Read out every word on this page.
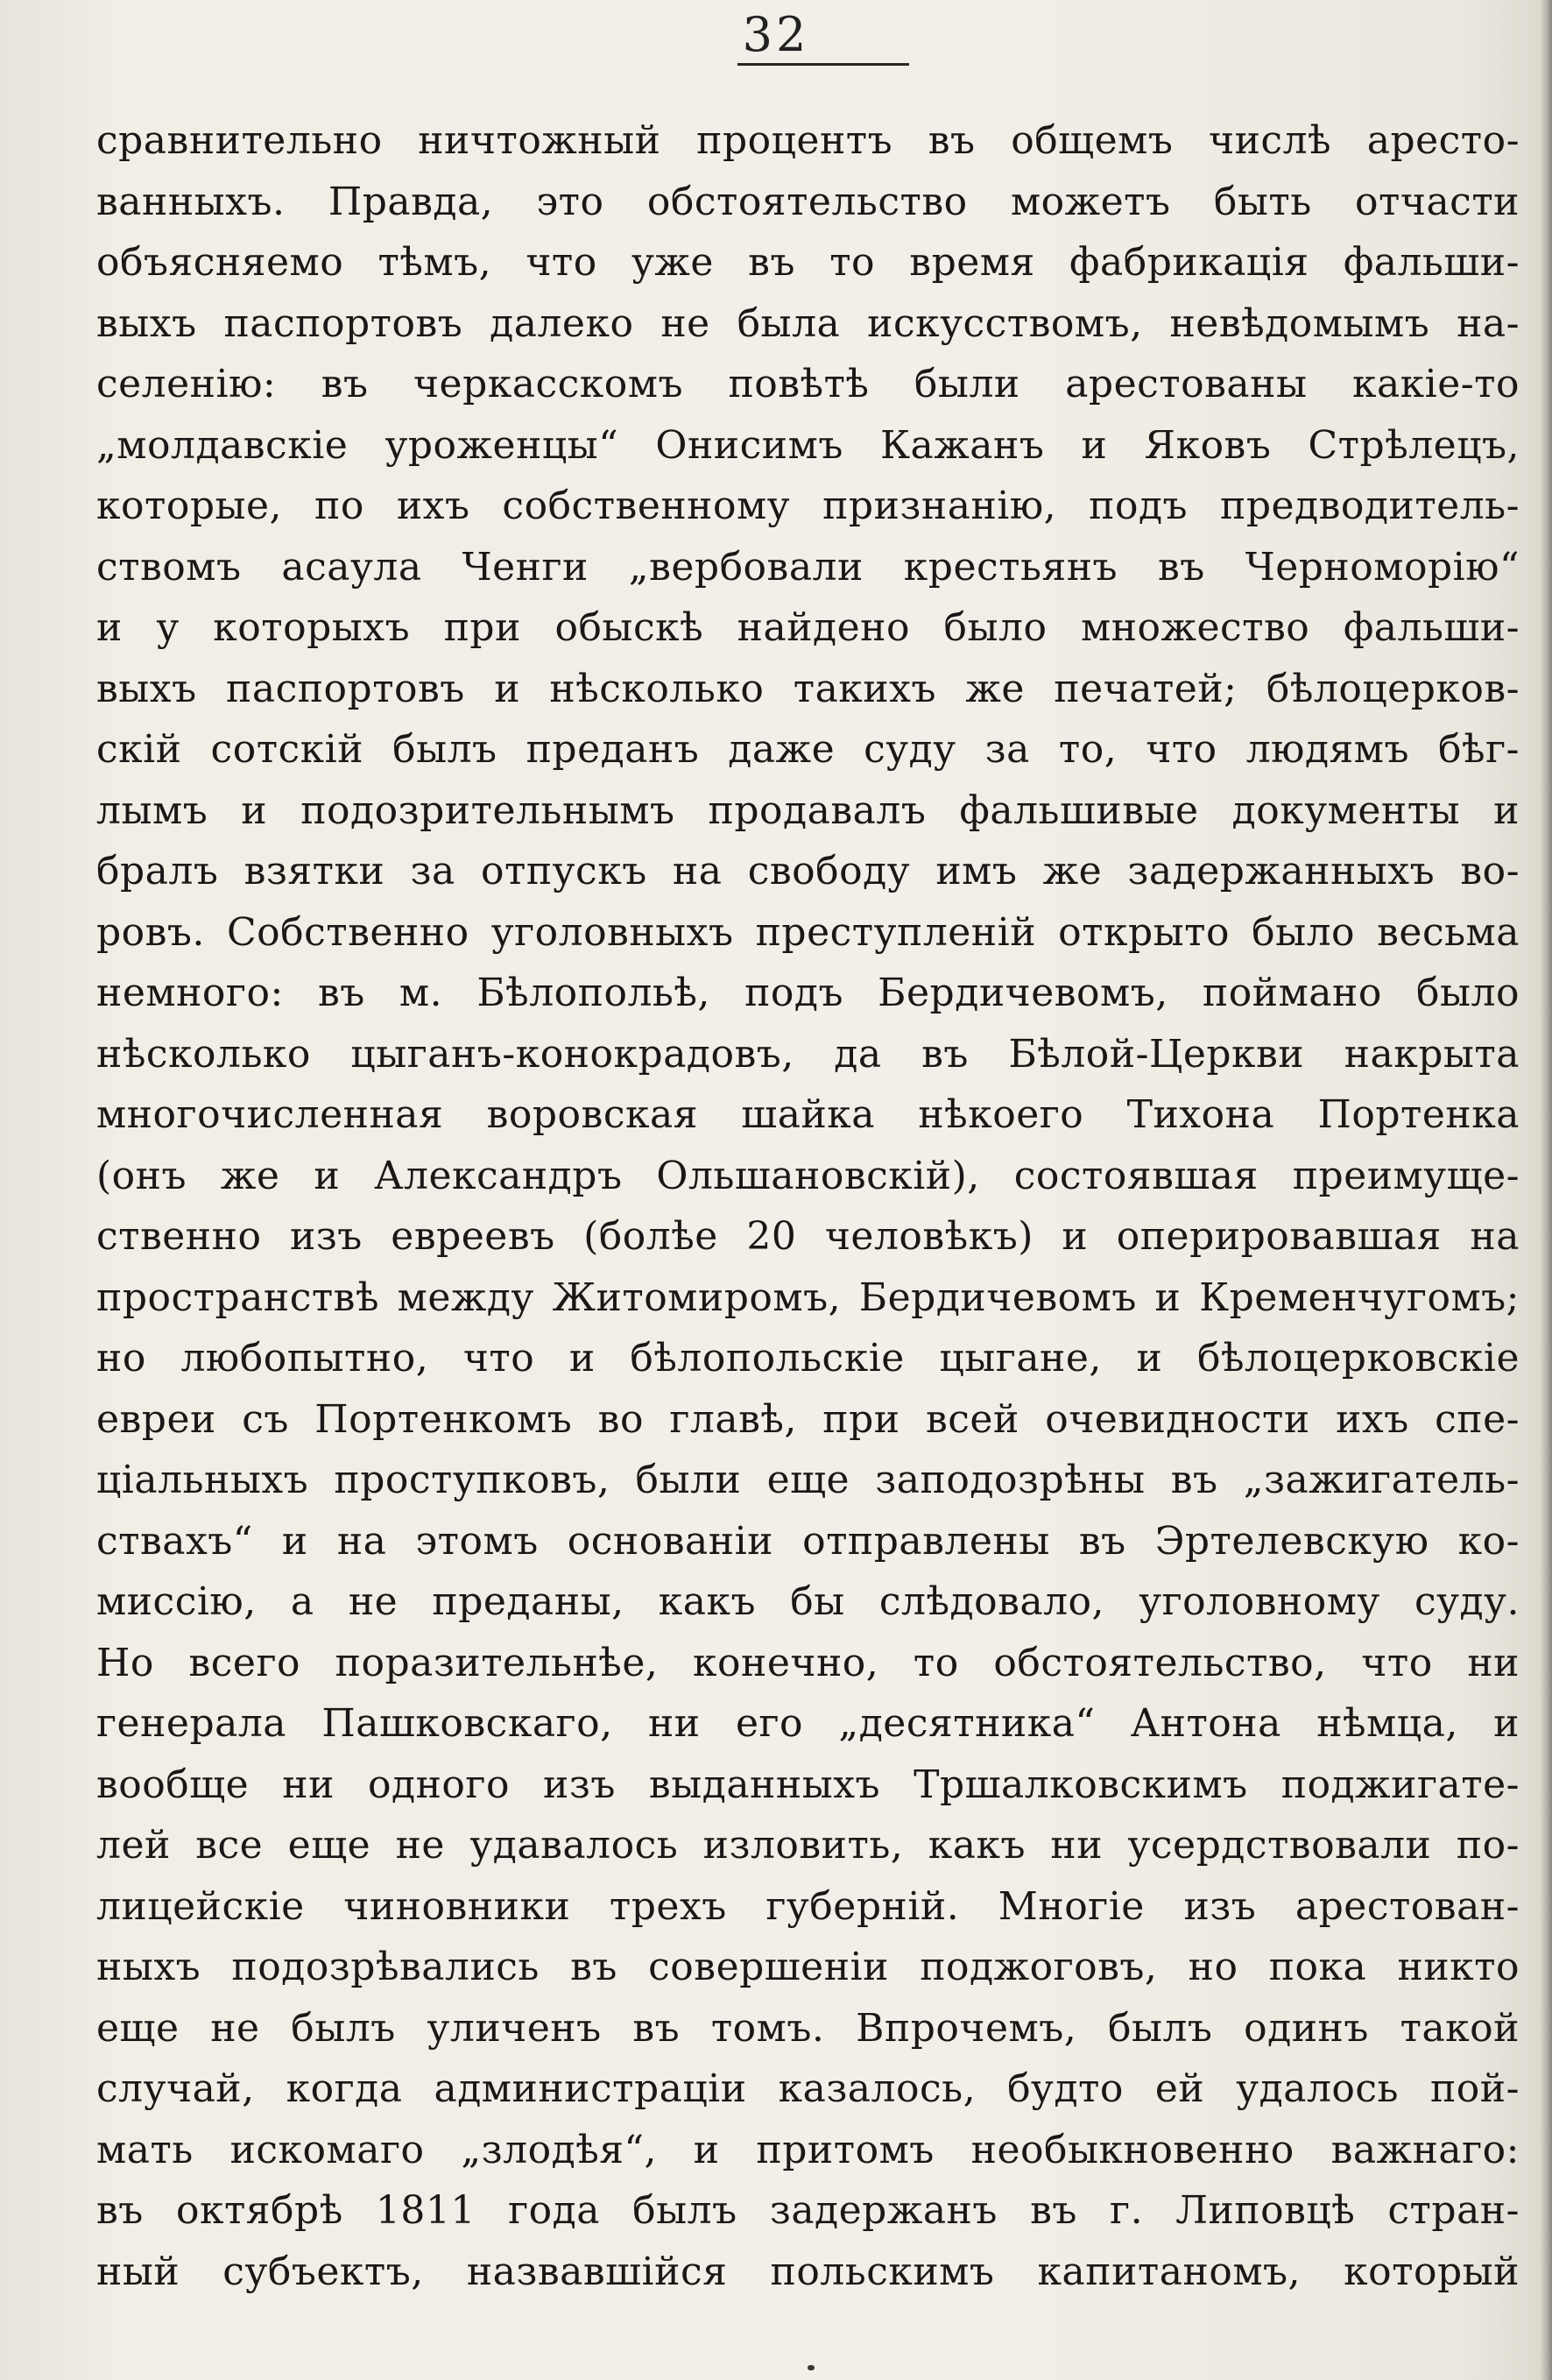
32
сравнительно ничтожный процентъ въ общемъ числѣ аресто-
ванныхъ. Правда, это обстоятельство можетъ быть отчасти
объясняемо тѣмъ, что уже въ то время фабрикація фальши-
выхъ паспортовъ далеко не была искусствомъ, невѣдомымъ на-
селенію: въ черкасскомъ повѣтѣ были арестованы какіе-то
„молдавскіе уроженцы“ Онисимъ Кажанъ и Яковъ Стрѣлецъ,
которые, по ихъ собственному признанію, подъ предводитель-
ствомъ асаула Ченги „вербовали крестьянъ въ Черноморію“
и у которыхъ при обыскѣ найдено было множество фальши-
выхъ паспортовъ и нѣсколько такихъ же печатей; бѣлоцерков-
скій сотскій былъ преданъ даже суду за то, что людямъ бѣг-
лымъ и подозрительнымъ продавалъ фальшивые документы и
бралъ взятки за отпускъ на свободу имъ же задержанныхъ во-
ровъ. Собственно уголовныхъ преступленій открыто было весьма
немного: въ м. Бѣлопольѣ, подъ Бердичевомъ, поймано было
нѣсколько цыганъ-конокрадовъ, да въ Бѣлой-Церкви накрыта
многочисленная воровская шайка нѣкоего Тихона Портенка
(онъ же и Александръ Ольшановскій), состоявшая преимуще-
ственно изъ евреевъ (болѣе 20 человѣкъ) и оперировавшая на
пространствѣ между Житомиромъ, Бердичевомъ и Кременчугомъ;
но любопытно, что и бѣлопольскіе цыгане, и бѣлоцерковскіе
евреи съ Портенкомъ во главѣ, при всей очевидности ихъ спе-
ціальныхъ проступковъ, были еще заподозрѣны въ „зажигатель-
ствахъ“ и на этомъ основаніи отправлены въ Эртелевскую ко-
миссію, а не преданы, какъ бы слѣдовало, уголовному суду.
Но всего поразительнѣе, конечно, то обстоятельство, что ни
генерала Пашковскаго, ни его „десятника“ Антона нѣмца, и
вообще ни одного изъ выданныхъ Тршалковскимъ поджигате-
лей все еще не удавалось изловить, какъ ни усердствовали по-
лицейскіе чиновники трехъ губерній. Многіе изъ арестован-
ныхъ подозрѣвались въ совершеніи поджоговъ, но пока никто
еще не былъ уличенъ въ томъ. Впрочемъ, былъ одинъ такой
случай, когда администраціи казалось, будто ей удалось пой-
мать искомаго „злодѣя“, и притомъ необыкновенно важнаго:
въ октябрѣ 1811 года былъ задержанъ въ г. Липовцѣ стран-
ный субъектъ, назвавшійся польскимъ капитаномъ, который
